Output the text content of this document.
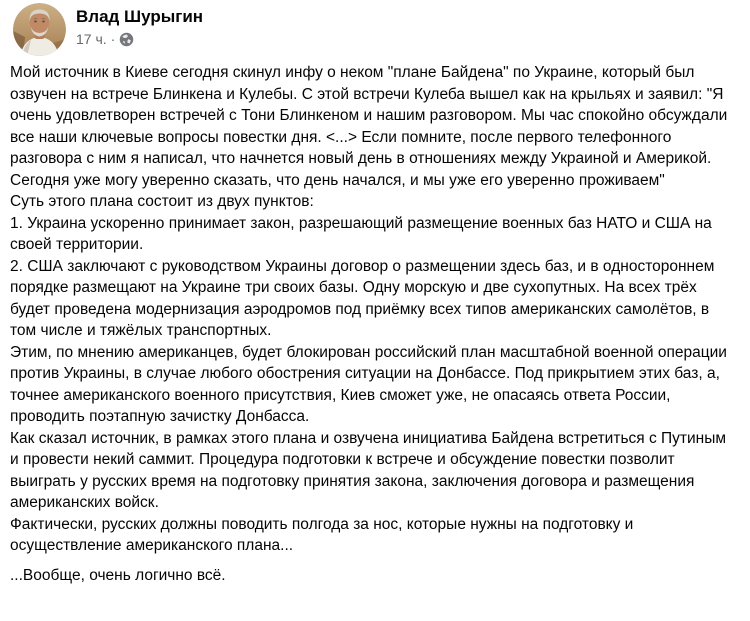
Влад Шурыгин
17 ч. ·
Мой источник в Киеве сегодня скинул инфу о неком "плане Байдена" по Украине, который был озвучен на встрече Блинкена и Кулебы. С этой встречи Кулеба вышел как на крыльях и заявил: "Я очень удовлетворен встречей с Тони Блинкеном и нашим разговором. Мы час спокойно обсуждали все наши ключевые вопросы повестки дня. <...> Если помните, после первого телефонного разговора с ним я написал, что начнется новый день в отношениях между Украиной и Америкой. Сегодня уже могу уверенно сказать, что день начался, и мы уже его уверенно проживаем"
Суть этого плана состоит из двух пунктов:
1. Украина ускоренно принимает закон, разрешающий размещение военных баз НАТО и США на своей территории.
2. США заключают с руководством Украины договор о размещении здесь баз, и в одностороннем порядке размещают на Украине три своих базы. Одну морскую и две сухопутных. На всех трёх будет проведена модернизация аэродромов под приёмку всех типов американских самолётов, в том числе и тяжёлых транспортных.
Этим, по мнению американцев, будет блокирован российский план масштабной военной операции против Украины, в случае любого обострения ситуации на Донбассе. Под прикрытием этих баз, а, точнее американского военного присутствия, Киев сможет уже, не опасаясь ответа России, проводить поэтапную зачистку Донбасса.
Как сказал источник, в рамках этого плана и озвучена инициатива Байдена встретиться с Путиным и провести некий саммит. Процедура подготовки к встрече и обсуждение повестки позволит выиграть у русских время на подготовку принятия закона, заключения договора и размещения американских войск.
Фактически, русских должны поводить полгода за нос, которые нужны на подготовку и осуществление американского плана...
...Вообще, очень логично всё.
